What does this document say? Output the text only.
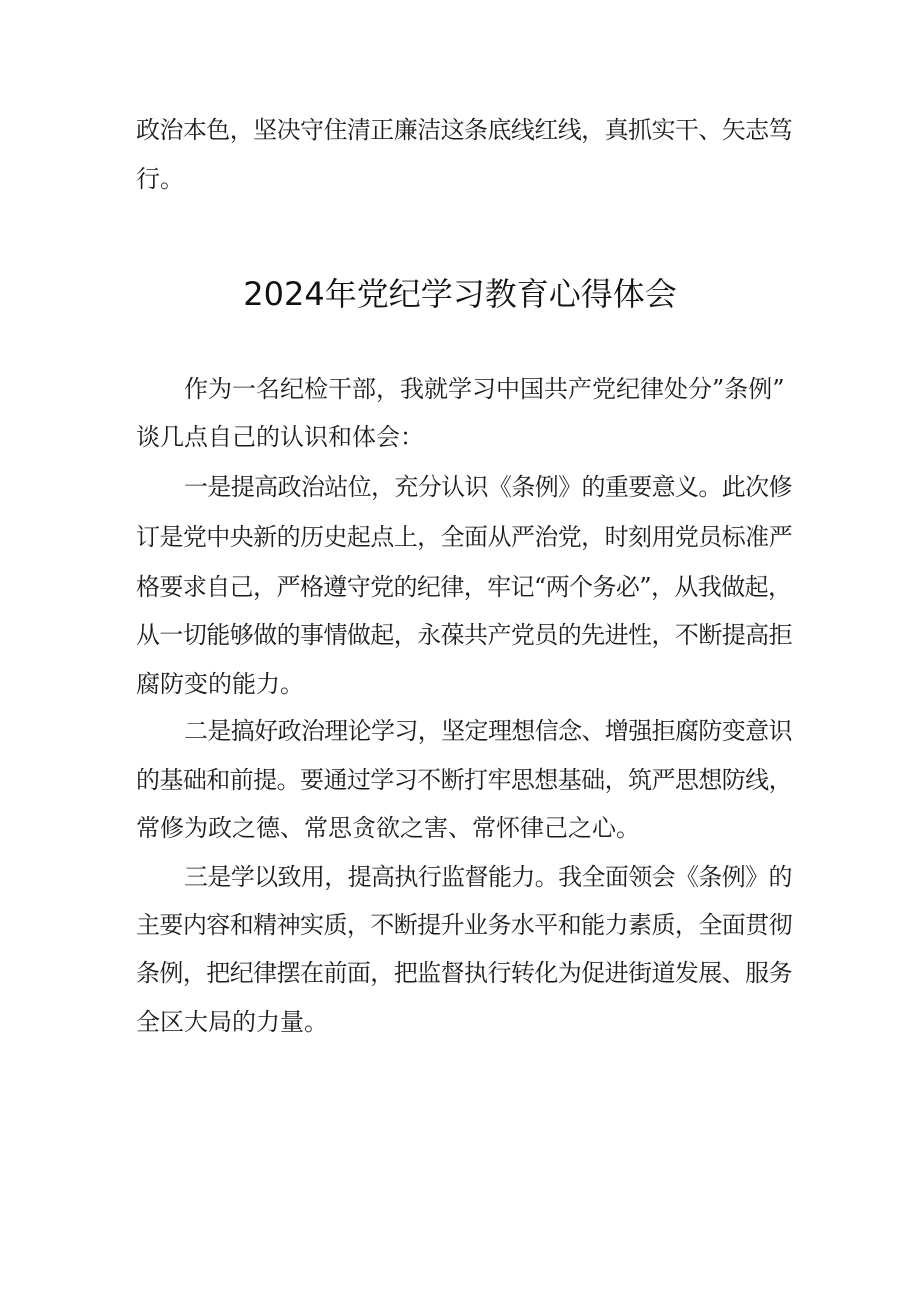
政治本色，坚决守住清正廉洁这条底线红线，真抓实干、矢志笃
行。
2024年党纪学习教育心得体会
作为一名纪检干部，我就学习中国共产党纪律处分”条例”
谈几点自己的认识和体会：
一是提高政治站位，充分认识《条例》的重要意义。此次修
订是党中央新的历史起点上，全面从严治党，时刻用党员标准严
格要求自己，严格遵守党的纪律，牢记“两个务必”，从我做起，
从一切能够做的事情做起，永葆共产党员的先进性，不断提高拒
腐防变的能力。
二是搞好政治理论学习，坚定理想信念、增强拒腐防变意识
的基础和前提。要通过学习不断打牢思想基础，筑严思想防线，
常修为政之德、常思贪欲之害、常怀律己之心。
三是学以致用，提高执行监督能力。我全面领会《条例》的
主要内容和精神实质，不断提升业务水平和能力素质，全面贯彻
条例，把纪律摆在前面，把监督执行转化为促进街道发展、服务
全区大局的力量。
